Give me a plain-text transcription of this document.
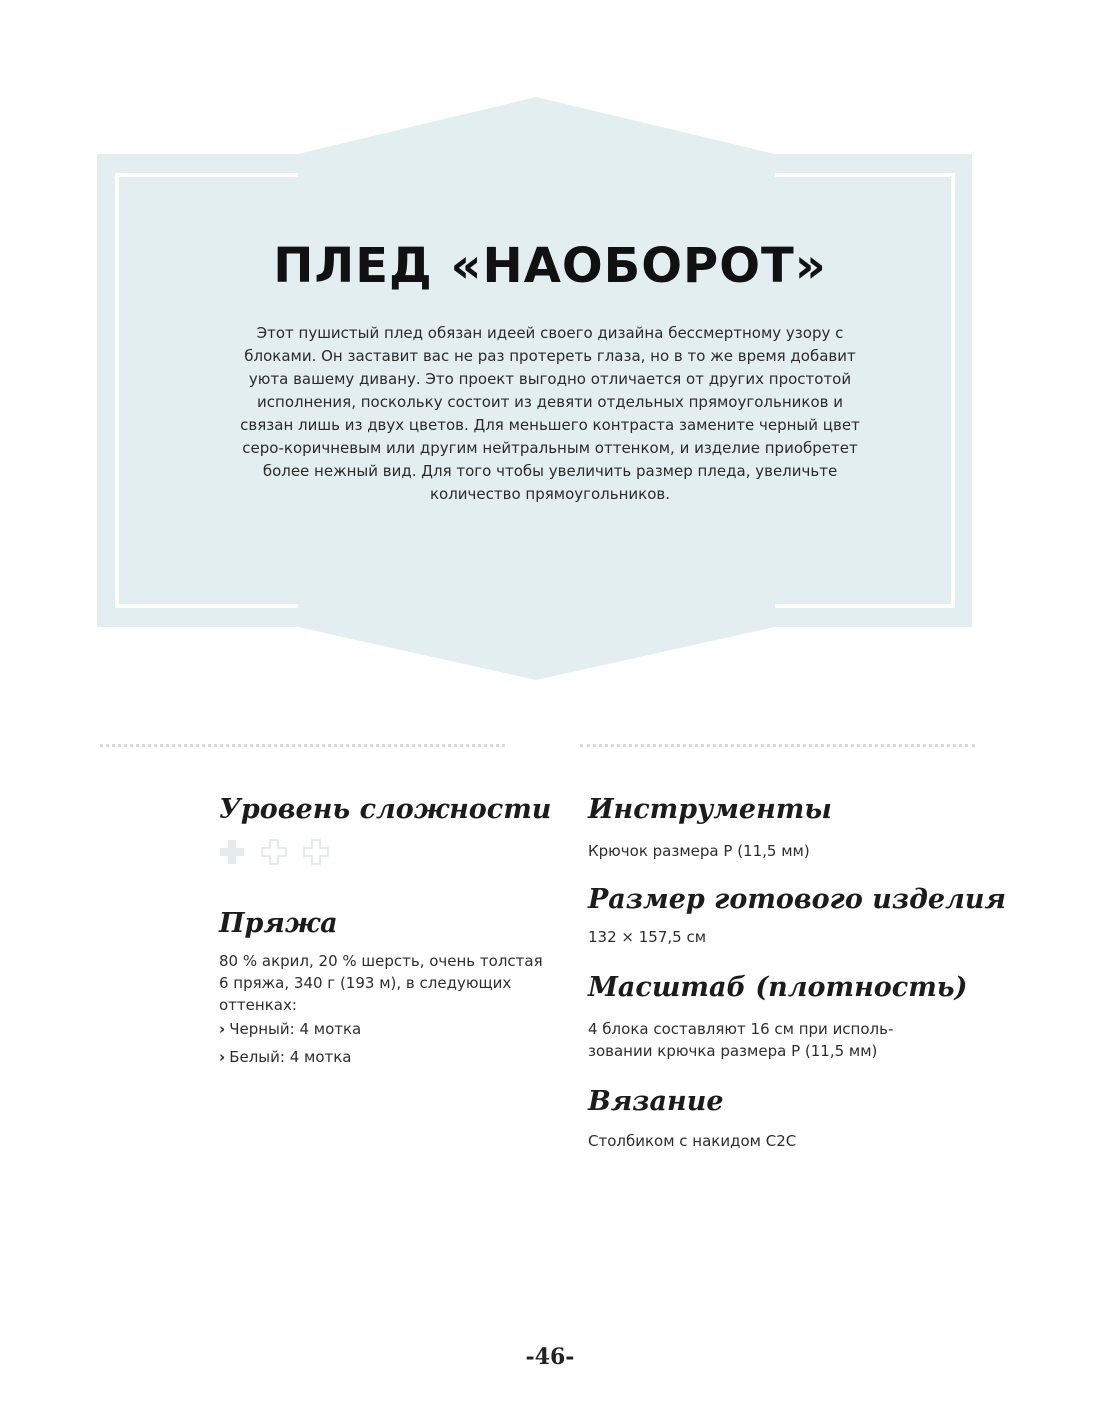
ПЛЕД «НАОБОРОТ»
Этот пушистый плед обязан идеей своего дизайна бессмертному узору с блоками. Он заставит вас не раз протереть глаза, но в то же время добавит уюта вашему дивану. Это проект выгодно отличается от других простотой исполнения, поскольку состоит из девяти отдельных прямоугольников и связан лишь из двух цветов. Для меньшего контраста замените черный цвет серо-коричневым или другим нейтральным оттенком, и изделие приобретет более нежный вид. Для того чтобы увеличить размер пледа, увеличьте количество прямоугольников.
Уровень сложности
Пряжа

80 % акрил, 20 % шерсть, очень толстая

6 пряжа, 340 г (193 м), в следующих

оттенках:

› Черный: 4 мотка

› Белый: 4 мотка

Инструменты

Крючок размера P (11,5 мм)

Размер готового изделия

132 × 157,5 см

Масштаб (плотность)

4 блока составляют 16 см при исполь-

зовании крючка размера P (11,5 мм)

Вязание

Столбиком с накидом C2C

-46-
